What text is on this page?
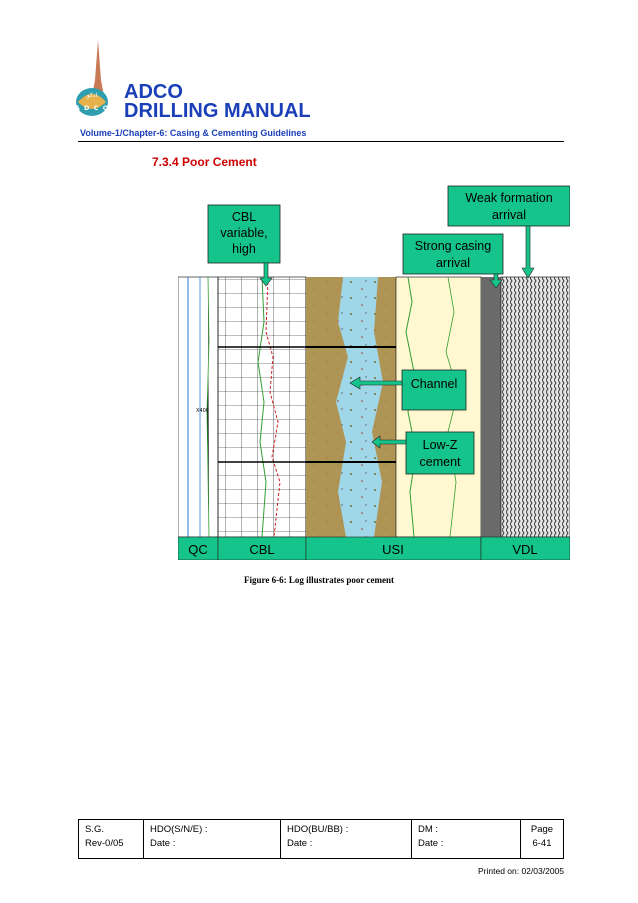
ادكو
A D C O
ADCO
DRILLING MANUAL
Volume-1/Chapter-6: Casing & Cementing Guidelines
7.3.4 Poor Cement
X400
CBL
variable,
high
Weak formation
arrival
Strong casing
arrival
Channel
Low-Z
cement
QC	CBL	USI	VDL
Figure 6-6: Log illustrates poor cement
S.G.
Rev-0/05

HDO(S/N/E) :
Date :

HDO(BU/BB) :
Date :

DM :
Date :

Page
6-41
Printed on: 02/03/2005
